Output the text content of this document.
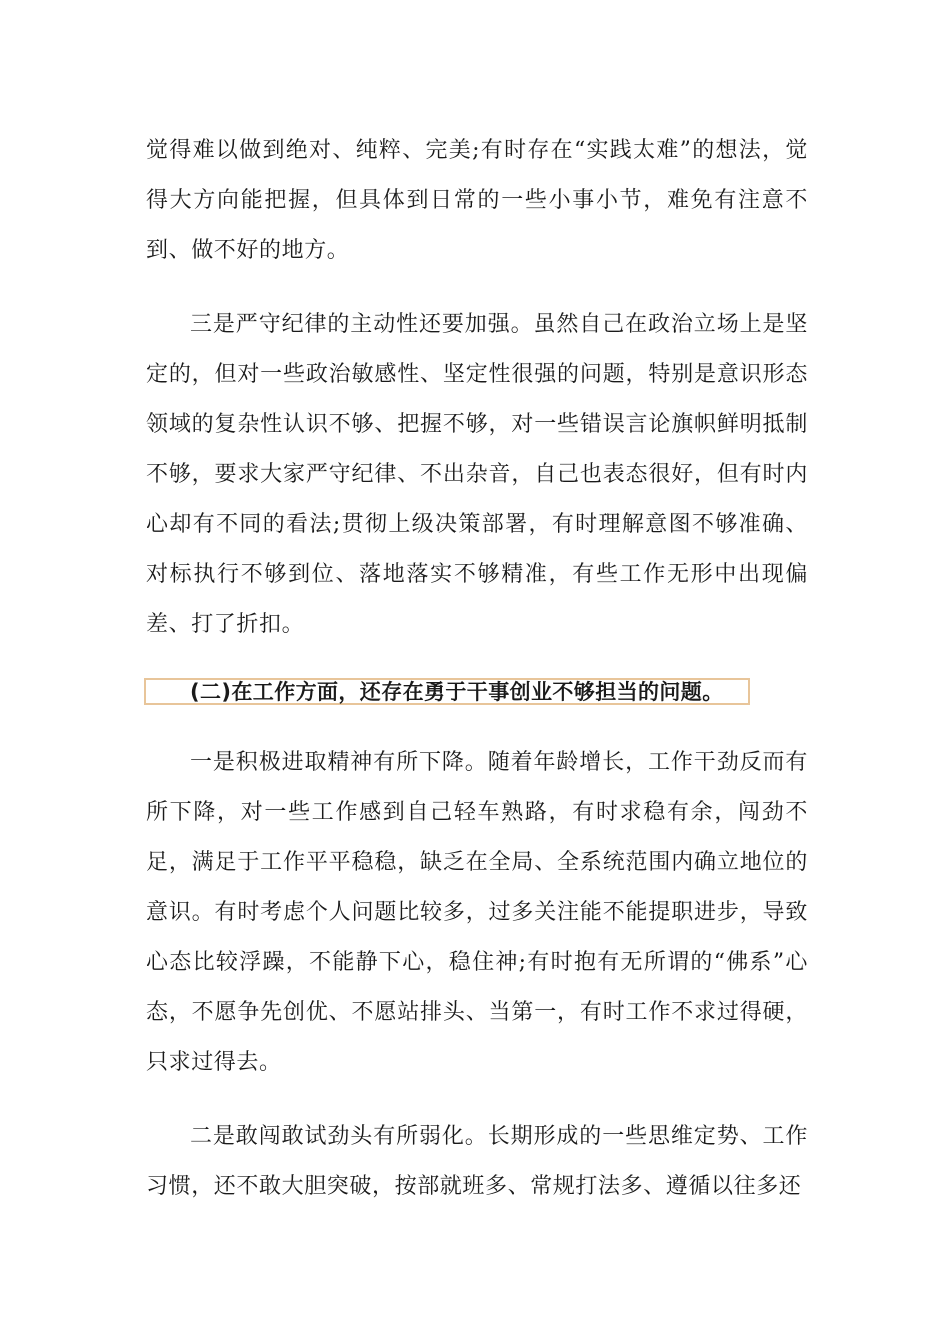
觉得难以做到绝对、纯粹、完美;有时存在“实践太难”的想法，觉得大方向能把握，但具体到日常的一些小事小节，难免有注意不到、做不好的地方。

三是严守纪律的主动性还要加强。虽然自己在政治立场上是坚定的，但对一些政治敏感性、坚定性很强的问题，特别是意识形态领域的复杂性认识不够、把握不够，对一些错误言论旗帜鲜明抵制不够，要求大家严守纪律、不出杂音，自己也表态很好，但有时内心却有不同的看法;贯彻上级决策部署，有时理解意图不够准确、对标执行不够到位、落地落实不够精准，有些工作无形中出现偏差、打了折扣。

(二)在工作方面，还存在勇于干事创业不够担当的问题。

一是积极进取精神有所下降。随着年龄增长，工作干劲反而有所下降，对一些工作感到自己轻车熟路，有时求稳有余，闯劲不足，满足于工作平平稳稳，缺乏在全局、全系统范围内确立地位的意识。有时考虑个人问题比较多，过多关注能不能提职进步，导致心态比较浮躁，不能静下心，稳住神;有时抱有无所谓的“佛系”心态，不愿争先创优、不愿站排头、当第一，有时工作不求过得硬，只求过得去。

二是敢闯敢试劲头有所弱化。长期形成的一些思维定势、工作习惯，还不敢大胆突破，按部就班多、常规打法多、遵循以往多还
